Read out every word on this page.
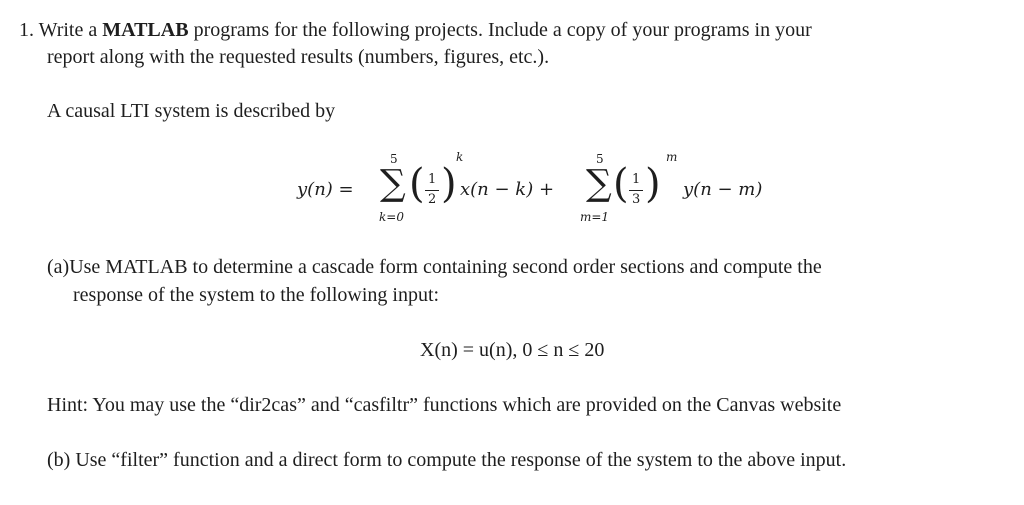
1. Write a MATLAB programs for the following projects. Include a copy of your programs in your
report along with the requested results (numbers, figures, etc.).
A causal LTI system is described by
y(n) =
5
∑
k=0
( 1
2 )
k
x(n − k) +
5
∑
m=1
( 1
3 )
m
y(n − m)
(a)Use MATLAB to determine a cascade form containing second order sections and compute the
response of the system to the following input:
X(n) = u(n), 0 ≤ n ≤ 20
Hint: You may use the “dir2cas” and “casfiltr” functions which are provided on the Canvas website
(b) Use “filter” function and a direct form to compute the response of the system to the above input.
